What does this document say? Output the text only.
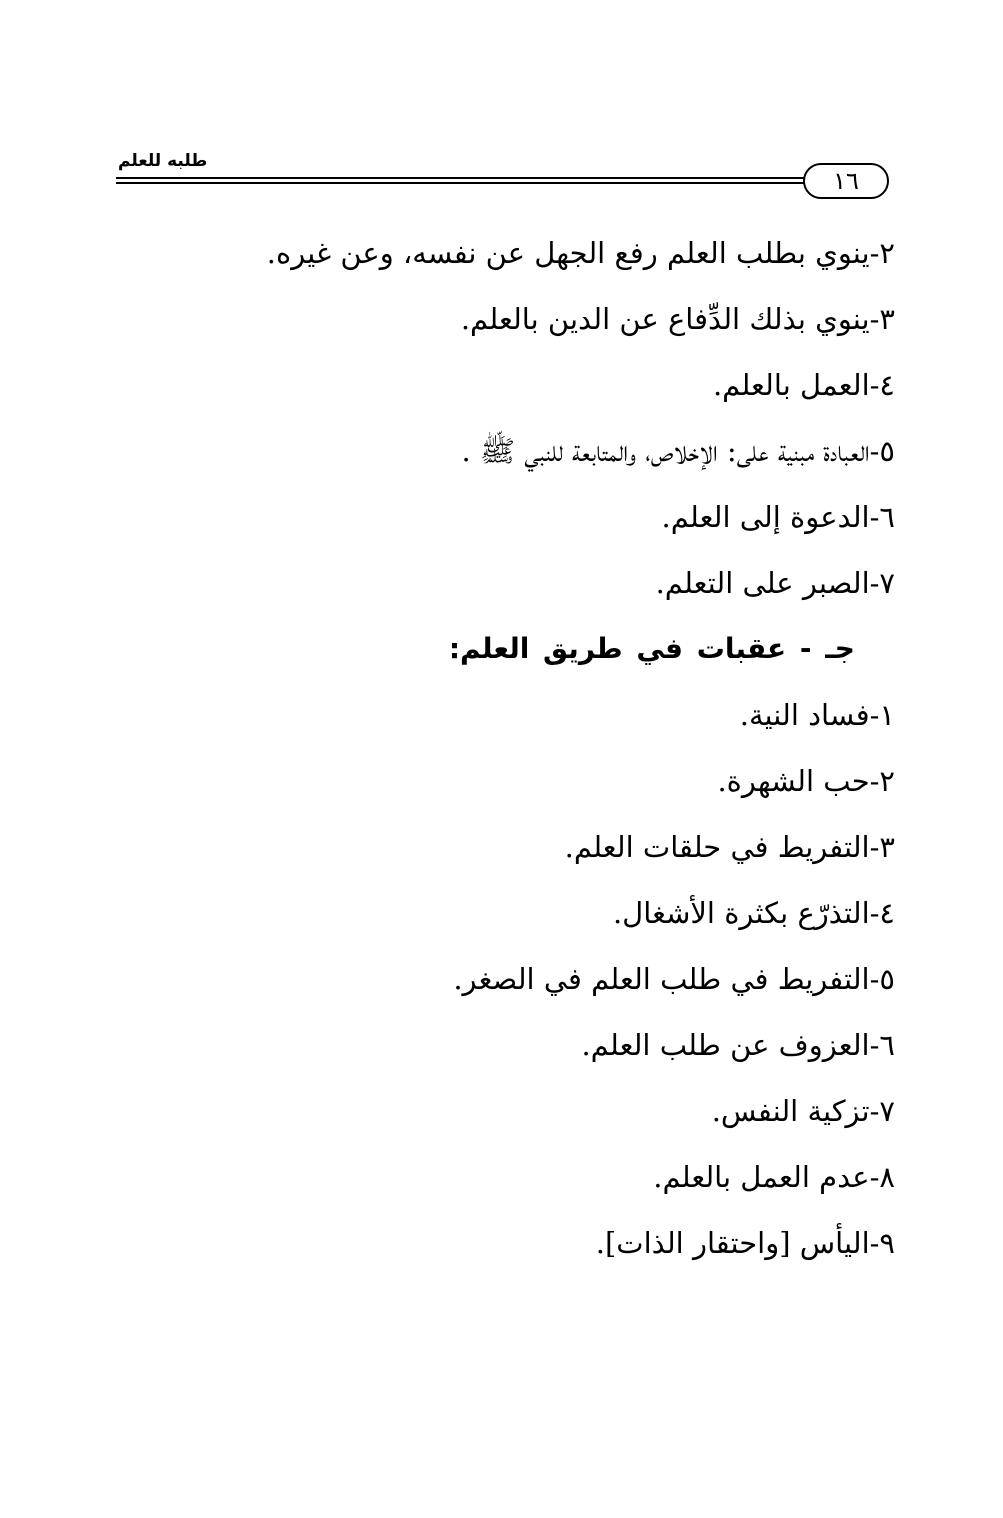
طلبه للعلم
١٦
٢-ينوي بطلب العلم رفع الجهل عن نفسه، وعن غيره.
٣-ينوي بذلك الدِّفاع عن الدين بالعلم.
٤-العمل بالعلم.
٥-العبادة مبنية على: الإخلاص، والمتابعة للنبي ﷺ .
٦-الدعوة إلى العلم.
٧-الصبر على التعلم.
جـ - عقبات في طريق العلم:
١-فساد النية.
٢-حب الشهرة.
٣-التفريط في حلقات العلم.
٤-التذرّع بكثرة الأشغال.
٥-التفريط في طلب العلم في الصغر.
٦-العزوف عن طلب العلم.
٧-تزكية النفس.
٨-عدم العمل بالعلم.
٩-اليأس [واحتقار الذات].
